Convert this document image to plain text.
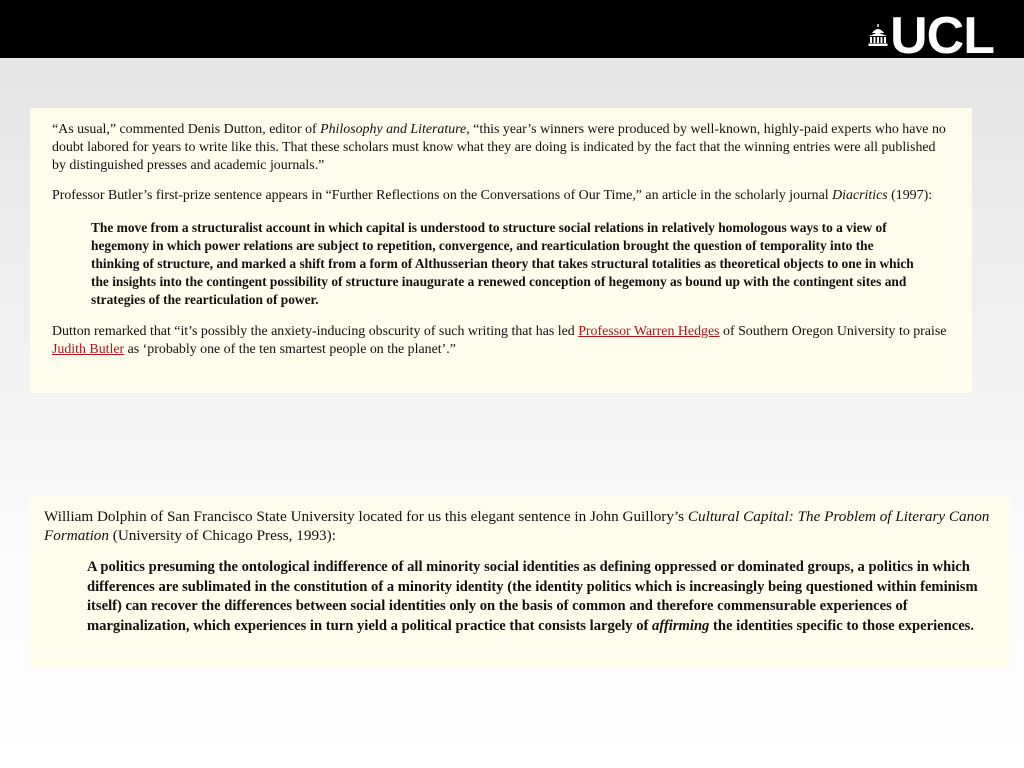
UCL

“As usual,” commented Denis Dutton, editor of Philosophy and Literature, “this year’s winners were produced by well-known, highly-paid experts who have no doubt labored for years to write like this. That these scholars must know what they are doing is indicated by the fact that the winning entries were all published by distinguished presses and academic journals.”

Professor Butler’s first-prize sentence appears in “Further Reflections on the Conversations of Our Time,” an article in the scholarly journal Diacritics (1997):

The move from a structuralist account in which capital is understood to structure social relations in relatively homologous ways to a view of hegemony in which power relations are subject to repetition, convergence, and rearticulation brought the question of temporality into the thinking of structure, and marked a shift from a form of Althusserian theory that takes structural totalities as theoretical objects to one in which the insights into the contingent possibility of structure inaugurate a renewed conception of hegemony as bound up with the contingent sites and strategies of the rearticulation of power.

Dutton remarked that “it’s possibly the anxiety-inducing obscurity of such writing that has led Professor Warren Hedges of Southern Oregon University to praise Judith Butler as ‘probably one of the ten smartest people on the planet’.”

William Dolphin of San Francisco State University located for us this elegant sentence in John Guillory’s Cultural Capital: The Problem of Literary Canon Formation (University of Chicago Press, 1993):

A politics presuming the ontological indifference of all minority social identities as defining oppressed or dominated groups, a politics in which differences are sublimated in the constitution of a minority identity (the identity politics which is increasingly being questioned within feminism itself) can recover the differences between social identities only on the basis of common and therefore commensurable experiences of marginalization, which experiences in turn yield a political practice that consists largely of affirming the identities specific to those experiences.
